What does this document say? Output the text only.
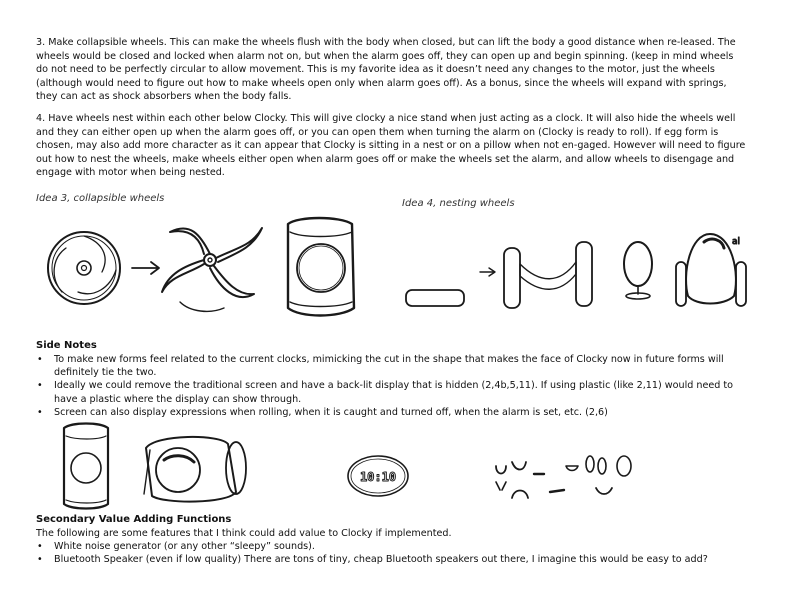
3. Make collapsible wheels. This can make the wheels flush with the body when closed, but can lift the body a good distance when re-leased. The wheels would be closed and locked when alarm not on, but when the alarm goes off, they can open up and begin spinning. (keep in mind wheels do not need to be perfectly circular to allow movement. This is my favorite idea as it doesn’t need any changes to the motor, just the wheels (although would need to figure out how to make wheels open only when alarm goes off). As a bonus, since the wheels will expand with springs, they can act as shock absorbers when the body falls.

4. Have wheels nest within each other below Clocky. This will give clocky a nice stand when just acting as a clock. It will also hide the wheels well and they can either open up when the alarm goes off, or you can open them when turning the alarm on (Clocky is ready to roll). If egg form is chosen, may also add more character as it can appear that Clocky is sitting in a nest or on a pillow when not en-gaged. However will need to figure out how to nest the wheels, make wheels either open when alarm goes off or make the wheels set the alarm, and allow wheels to disengage and engage with motor when being nested.

Idea 3, collapsible wheels	Idea 4, nesting wheels
al
Side Notes
• To make new forms feel related to the current clocks, mimicking the cut in the shape that makes the face of Clocky now in future forms will definitely tie the two.
• Ideally we could remove the traditional screen and have a back-lit display that is hidden (2,4b,5,11). If using plastic (like 2,11) would need to have a plastic where the display can show through.
• Screen can also display expressions when rolling, when it is caught and turned off, when the alarm is set, etc. (2,6)
10:10
Secondary Value Adding Functions

The following are some features that I think could add value to Clocky if implemented.

• White noise generator (or any other “sleepy” sounds).
• Bluetooth Speaker (even if low quality) There are tons of tiny, cheap Bluetooth speakers out there, I imagine this would be easy to add?
